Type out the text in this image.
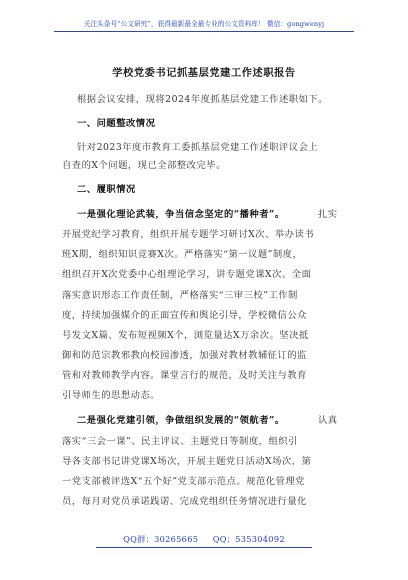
关注头条号“公文研究”，获得最新最全最专业的公文资料库！ 微信：gongwenyj
学校党委书记抓基层党建工作述职报告
根据会议安排，现将2024年度抓基层党建工作述职如下。
一、问题整改情况
针对2023年度市教育工委抓基层党建工作述职评议会上
自查的X个问题，现已全部整改完毕。
二、履职情况
一是强化理论武装，争当信念坚定的“播种者”。	扎实
开展党纪学习教育，组织开展专题学习研讨X次、举办读书
班X期，组织知识竞赛X次。严格落实“第一议题”制度，
组织召开X次党委中心组理论学习，讲专题党课X次。全面
落实意识形态工作责任制，严格落实“三审三校”工作制
度，持续加强媒介的正面宣传和舆论引导，学校微信公众
号发文X篇、发布短视频X个，浏览量达X万余次。坚决抵
御和防范宗教邪教向校园渗透，加强对教材教辅征订的监
管和对教师教学内容。课堂言行的规范，及时关注与教育
引导师生的思想动态。
二是强化党建引领，争做组织发展的“领航者”。	认真
落实“三会一课”、民主评议、主题党日等制度，组织引
导各支部书记讲党课X场次，开展主题党日活动X场次，第
一党支部被评选X“五个好”党支部示范点。规范化管理党
员，每月对党员承诺践诺、完成党组织任务情况进行量化
QQ群：30265665 QQ：535304092
